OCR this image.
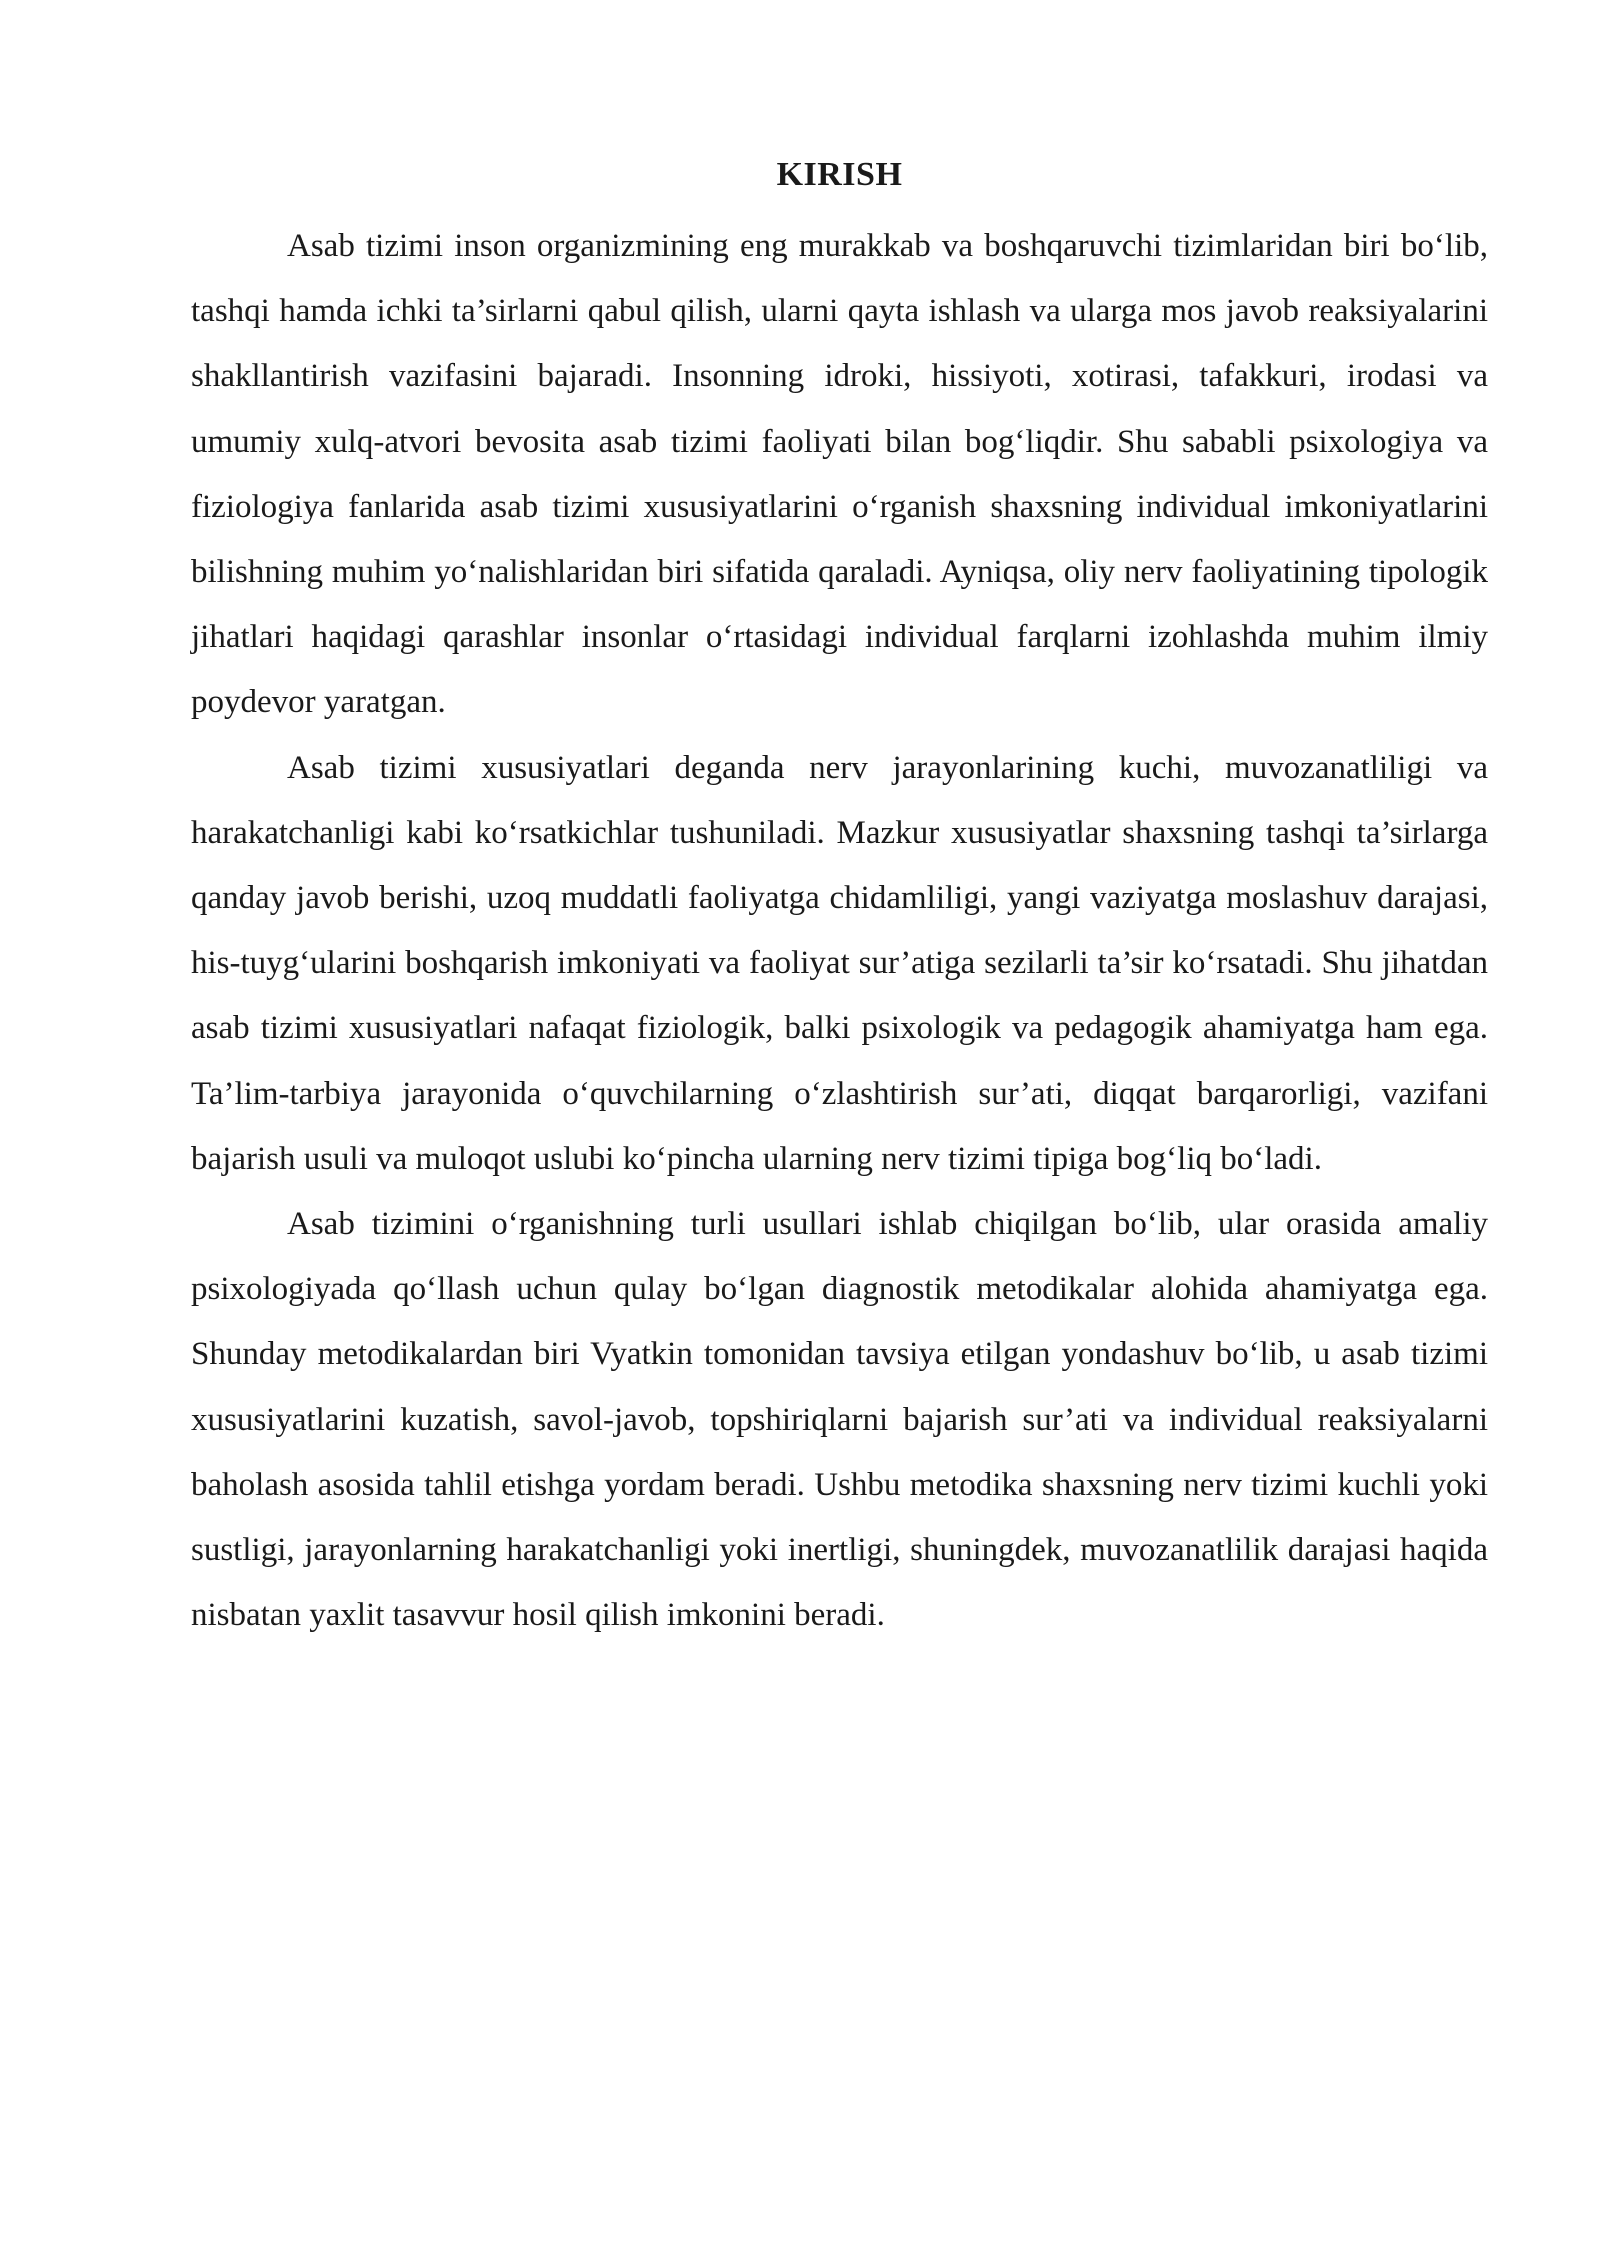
KIRISH

Asab tizimi inson organizmining eng murakkab va boshqaruvchi tizimlaridan biri bo‘lib, tashqi hamda ichki ta’sirlarni qabul qilish, ularni qayta ishlash va ularga mos javob reaksiyalarini shakllantirish vazifasini bajaradi. Insonning idroki, hissiyoti, xotirasi, tafakkuri, irodasi va umumiy xulq-atvori bevosita asab tizimi faoliyati bilan bog‘liqdir. Shu sababli psixologiya va fiziologiya fanlarida asab tizimi xususiyatlarini o‘rganish shaxsning individual imkoniyatlarini bilishning muhim yo‘nalishlaridan biri sifatida qaraladi. Ayniqsa, oliy nerv faoliyatining tipologik jihatlari haqidagi qarashlar insonlar o‘rtasidagi individual farqlarni izohlashda muhim ilmiy poydevor yaratgan.

Asab tizimi xususiyatlari deganda nerv jarayonlarining kuchi, muvozanatliligi va harakatchanligi kabi ko‘rsatkichlar tushuniladi. Mazkur xususiyatlar shaxsning tashqi ta’sirlarga qanday javob berishi, uzoq muddatli faoliyatga chidamliligi, yangi vaziyatga moslashuv darajasi, his-tuyg‘ularini boshqarish imkoniyati va faoliyat sur’atiga sezilarli ta’sir ko‘rsatadi. Shu jihatdan asab tizimi xususiyatlari nafaqat fiziologik, balki psixologik va pedagogik ahamiyatga ham ega. Ta’lim-tarbiya jarayonida o‘quvchilarning o‘zlashtirish sur’ati, diqqat barqarorligi, vazifani bajarish usuli va muloqot uslubi ko‘pincha ularning nerv tizimi tipiga bog‘liq bo‘ladi.

Asab tizimini o‘rganishning turli usullari ishlab chiqilgan bo‘lib, ular orasida amaliy psixologiyada qo‘llash uchun qulay bo‘lgan diagnostik metodikalar alohida ahamiyatga ega. Shunday metodikalardan biri Vyatkin tomonidan tavsiya etilgan yondashuv bo‘lib, u asab tizimi xususiyatlarini kuzatish, savol-javob, topshiriqlarni bajarish sur’ati va individual reaksiyalarni baholash asosida tahlil etishga yordam beradi. Ushbu metodika shaxsning nerv tizimi kuchli yoki sustligi, jarayonlarning harakatchanligi yoki inertligi, shuningdek, muvozanatlilik darajasi haqida nisbatan yaxlit tasavvur hosil qilish imkonini beradi.
